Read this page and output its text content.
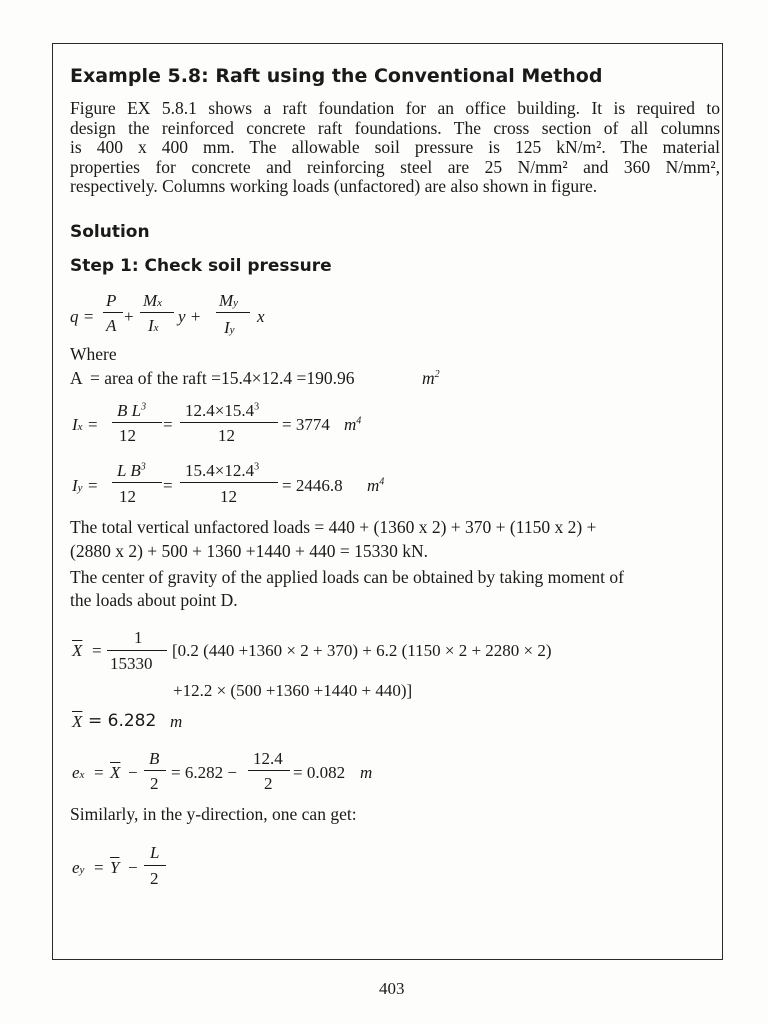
Example 5.8: Raft using the Conventional Method
Figure EX 5.8.1 shows a raft foundation for an office building. It is required to
design the reinforced concrete raft foundations. The cross section of all columns
is 400 x 400 mm. The allowable soil pressure is 125 kN/m². The material
properties for concrete and reinforcing steel are 25 N/mm² and 360 N/mm²,
respectively. Columns working loads (unfactored) are also shown in figure.
Solution
Step 1: Check soil pressure
q =
P
A +
Mx
Ix
y +
My
Iy
x
Where
A = area of the raft =15.4×12.4 =190.96	$m^2$
Ix =
B $L^3$
12
=
$12.4\times 15.4^3$
12
= 3774 $m^4$
Iy =
L $B^3$
12
=
$15.4\times 12.4^3$
12
= 2446.8 $m^4$
The total vertical unfactored loads = 440 + (1360 x 2) + 370 + (1150 x 2) +
(2880 x 2) + 500 + 1360 +1440 + 440 = 15330 kN.
The center of gravity of the applied loads can be obtained by taking moment of
the loads about point D.
$\overline{X}$ =
1
15330
[0.2 (440 +1360 × 2 + 370) + 6.2 (1150 × 2 + 2280 × 2)
+12.2 × (500 +1360 +1440 + 440)]
$\overline{X} = 6.282$ m
ex = $\overline{X}$ −
B
2
= 6.282 −
12.4
2
= 0.082 m
Similarly, in the y-direction, one can get:
ey = $\overline{Y}$ −
L
2
403
